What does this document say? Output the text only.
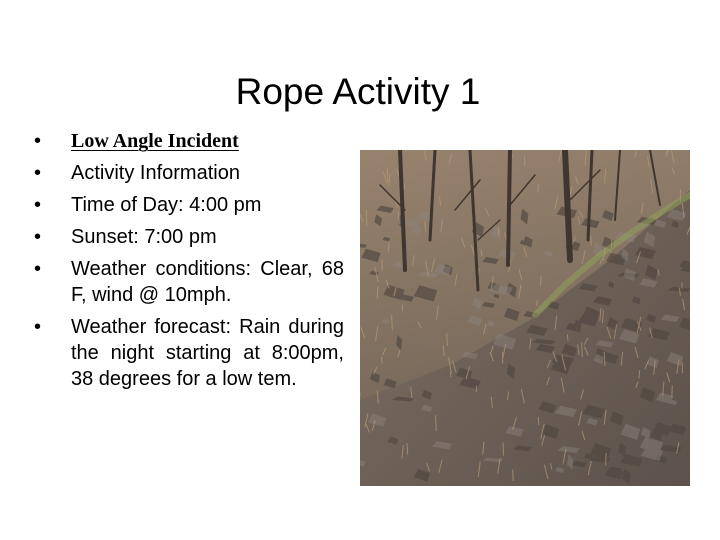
Rope Activity 1
•	Low Angle Incident
•	Activity Information
•	Time of Day: 4:00 pm
•	Sunset: 7:00 pm
•	Weather conditions: Clear, 68 F, wind @ 10mph.
•	Weather forecast: Rain during the night starting at 8:00pm, 38 degrees for a low tem.
